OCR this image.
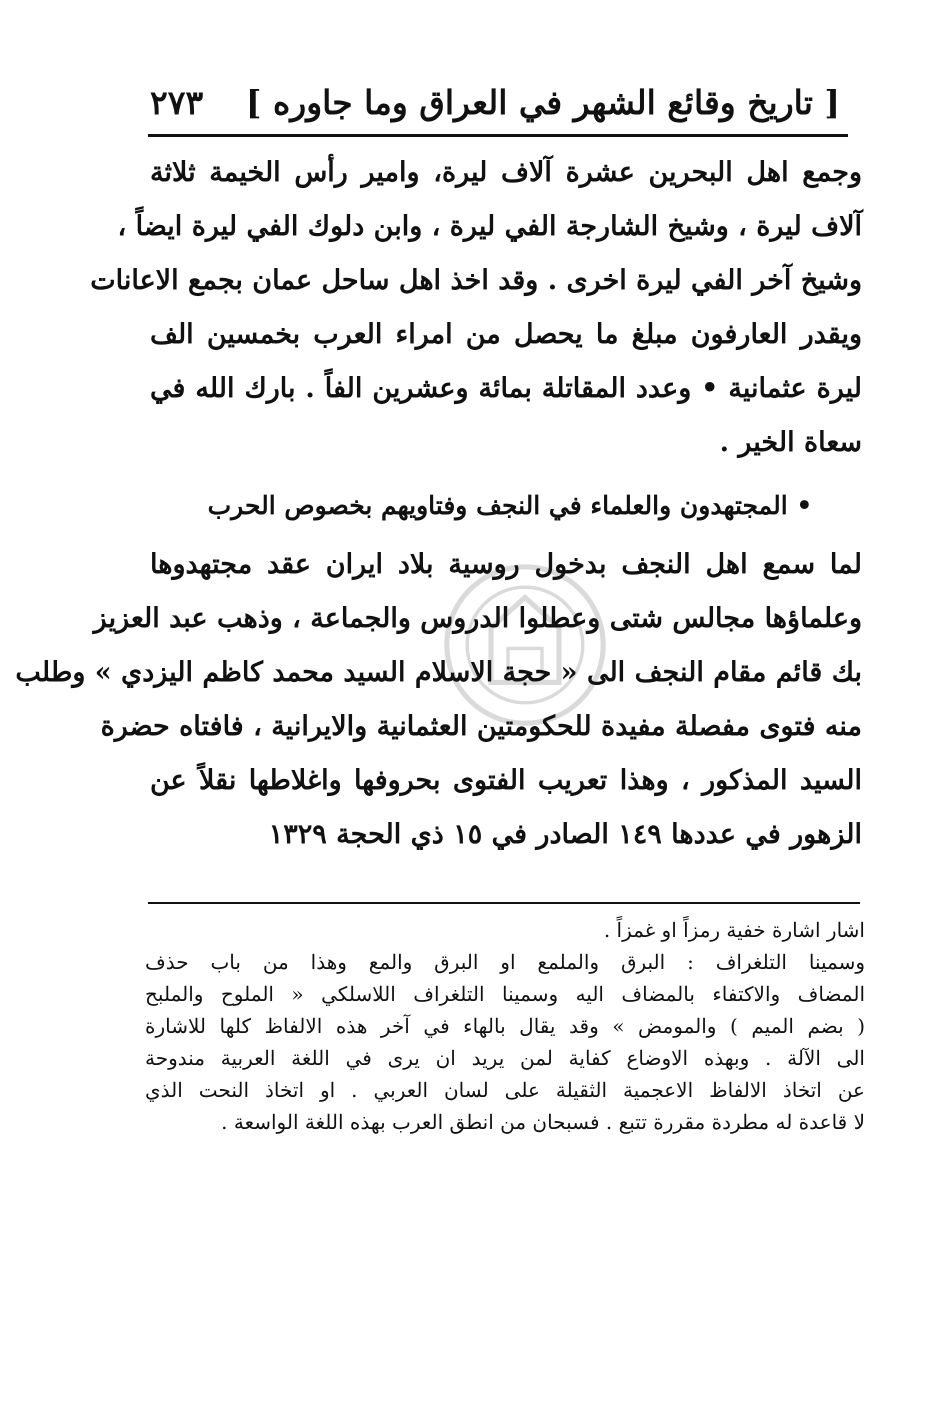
[ تاريخ وقائع الشهر في العراق وما جاوره ]
٢٧٣
وجمع اهل البحرين عشرة آلاف ليرة، وامير رأس الخيمة ثلاثة
آلاف ليرة ، وشيخ الشارجة الفي ليرة ، وابن دلوك الفي ليرة ايضاً ،
وشيخ آخر الفي ليرة اخرى . وقد اخذ اهل ساحل عمان بجمع الاعانات
ويقدر العارفون مبلغ ما يحصل من امراء العرب بخمسين الف
ليرة عثمانية • وعدد المقاتلة بمائة وعشرين الفاً . بارك الله في
سعاة الخير .
• المجتهدون والعلماء في النجف وفتاويهم بخصوص الحرب
لما سمع اهل النجف بدخول روسية بلاد ايران عقد مجتهدوها
وعلماؤها مجالس شتى وعطلوا الدروس والجماعة ، وذهب عبد العزيز
بك قائم مقام النجف الى « حجة الاسلام السيد محمد كاظم اليزدي » وطلب
منه فتوى مفصلة مفيدة للحكومتين العثمانية والايرانية ، فافتاه حضرة
السيد المذكور ، وهذا تعريب الفتوى بحروفها واغلاطها نقلاً عن
الزهور في عددها ١٤٩ الصادر في ١٥ ذي الحجة ١٣٢٩
اشار اشارة خفية رمزاً او غمزاً .
وسمينا التلغراف : البرق والملمع او البرق والمع وهذا من باب حذف
المضاف والاكتفاء بالمضاف اليه وسمينا التلغراف اللاسلكي « الملوح والملبح
( بضم الميم ) والمومض » وقد يقال بالهاء في آخر هذه الالفاظ كلها للاشارة
الى الآلة . وبهذه الاوضاع كفاية لمن يريد ان يرى في اللغة العربية مندوحة
عن اتخاذ الالفاظ الاعجمية الثقيلة على لسان العربي . او اتخاذ النحت الذي
لا قاعدة له مطردة مقررة تتبع . فسبحان من انطق العرب بهذه اللغة الواسعة .
